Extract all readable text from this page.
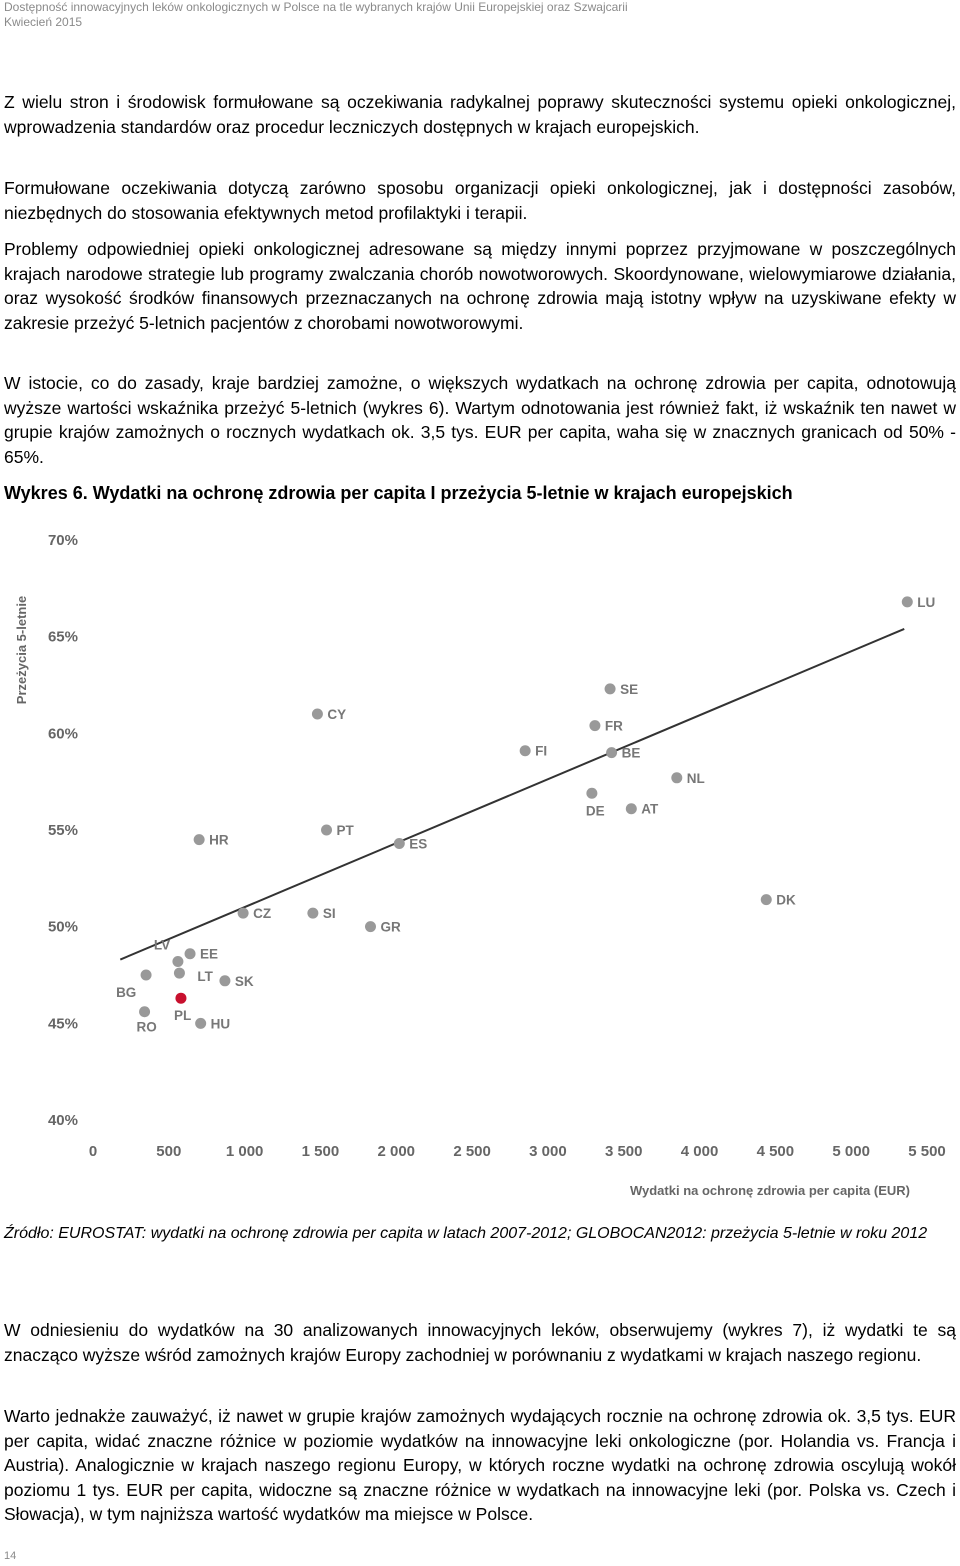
Dostępność innowacyjnych leków onkologicznych w Polsce na tle wybranych krajów Unii Europejskiej oraz Szwajcarii
Kwiecień 2015
Z wielu stron i środowisk formułowane są oczekiwania radykalnej poprawy skuteczności systemu opieki onkologicznej, wprowadzenia standardów oraz procedur leczniczych dostępnych w krajach europejskich.
Formułowane oczekiwania dotyczą zarówno sposobu organizacji opieki onkologicznej, jak i dostępności zasobów, niezbędnych do stosowania efektywnych metod profilaktyki i terapii.
Problemy odpowiedniej opieki onkologicznej adresowane są między innymi poprzez przyjmowane w poszczególnych krajach narodowe strategie lub programy zwalczania chorób nowotworowych. Skoordynowane, wielowymiarowe działania, oraz wysokość środków finansowych przeznaczanych na ochronę zdrowia mają istotny wpływ na uzyskiwane efekty w zakresie przeżyć 5-letnich pacjentów z chorobami nowotworowymi.
W istocie, co do zasady, kraje bardziej zamożne, o większych wydatkach na ochronę zdrowia per capita, odnotowują wyższe wartości wskaźnika przeżyć 5-letnich (wykres 6). Wartym odnotowania jest również fakt, iż wskaźnik ten nawet w grupie krajów zamożnych o rocznych wydatkach ok. 3,5 tys. EUR per capita, waha się w znacznych granicach od 50% - 65%.
Wykres 6. Wydatki na ochronę zdrowia per capita I przeżycia 5-letnie w krajach europejskich
40%
45%
50%
55%
60%
65%
70%
0	500	1 000	1 500	2 000	2 500	3 000	3 500	4 000	4 500	5 000	5 500
LU
SE
FR
BE
FI
CY
NL
DE	AT
PT
ES
HR
DK
CZ	SI
GR
EE
LV
LT
BG
SK
PL
RO	HU
Przeżycia 5-letnie
Wydatki na ochronę zdrowia per capita (EUR)
Źródło: EUROSTAT: wydatki na ochronę zdrowia per capita w latach 2007-2012; GLOBOCAN2012: przeżycia 5-letnie w roku 2012
W odniesieniu do wydatków na 30 analizowanych innowacyjnych leków, obserwujemy (wykres 7), iż wydatki te są znacząco wyższe wśród zamożnych krajów Europy zachodniej w porównaniu z wydatkami w krajach naszego regionu.
Warto jednakże zauważyć, iż nawet w grupie krajów zamożnych wydających rocznie na ochronę zdrowia ok. 3,5 tys. EUR per capita, widać znaczne różnice w poziomie wydatków na innowacyjne leki onkologiczne (por. Holandia vs. Francja i Austria). Analogicznie w krajach naszego regionu Europy, w których roczne wydatki na ochronę zdrowia oscylują wokół poziomu 1 tys. EUR per capita, widoczne są znaczne różnice w wydatkach na innowacyjne leki (por. Polska vs. Czech i Słowacja), w tym najniższa wartość wydatków ma miejsce w Polsce.
14
